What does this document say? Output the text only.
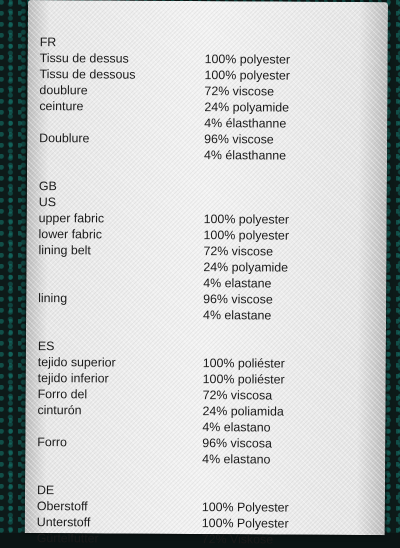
FR
Tissu de dessus	100% polyester
Tissu de dessous	100% polyester
doublure	72% viscose
ceinture	24% polyamide
4% élasthanne
Doublure	96% viscose
4% élasthanne
GB
US
upper fabric	100% polyester
lower fabric	100% polyester
lining belt	72% viscose
24% polyamide
4% elastane
lining	96% viscose
4% elastane
ES
tejido superior	100% poliéster
tejido inferior	100% poliéster
Forro del	72% viscosa
cinturón	24% poliamida
4% elastano
Forro	96% viscosa
4% elastano
DE
Oberstoff	100% Polyester
Unterstoff	100% Polyester
Gürtelfutter	72% Viskose
